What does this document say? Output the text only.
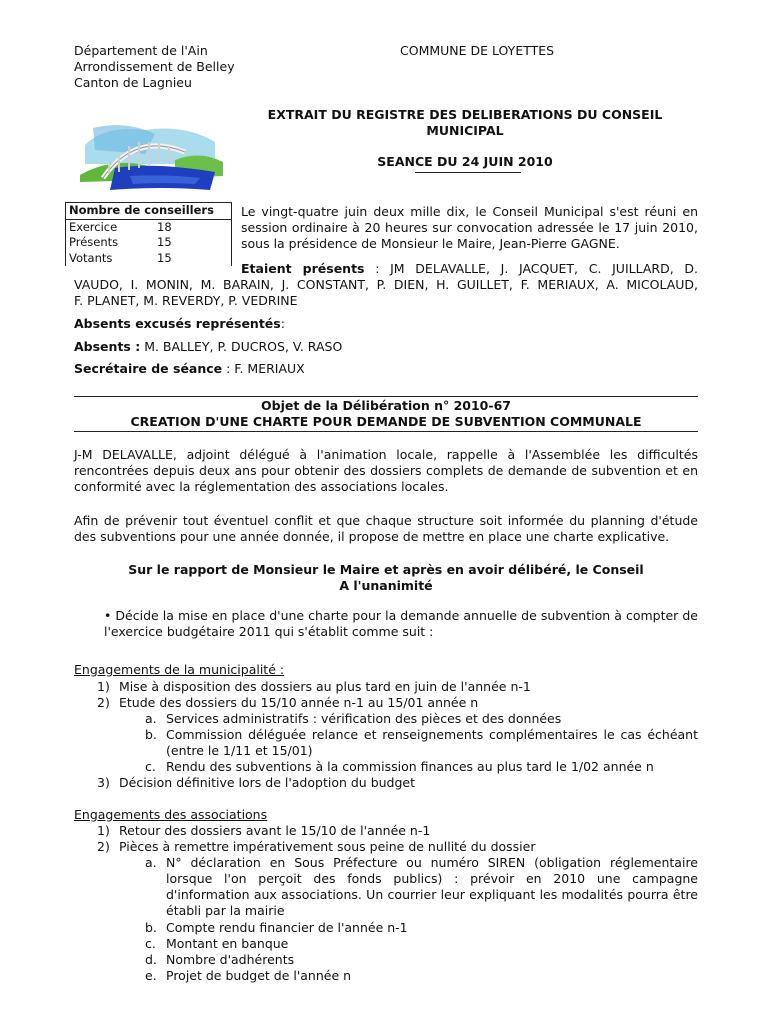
Département de l'Ain
Arrondissement de Belley
Canton de Lagnieu
COMMUNE DE LOYETTES
EXTRAIT DU REGISTRE DES DELIBERATIONS DU CONSEIL
MUNICIPAL
SEANCE DU 24 JUIN 2010
Nombre de conseillers
Exercice	18
Présents	15
Votants	15
Le vingt-quatre juin deux mille dix, le Conseil Municipal s'est réuni en session ordinaire à 20 heures sur convocation adressée le 17 juin 2010, sous la présidence de Monsieur le Maire, Jean-Pierre GAGNE.
Etaient présents : JM DELAVALLE, J. JACQUET, C. JUILLARD, D.
VAUDO, I. MONIN, M. BARAIN, J. CONSTANT, P. DIEN, H. GUILLET, F. MERIAUX, A. MICOLAUD,
F. PLANET, M. REVERDY, P. VEDRINE
Absents excusés représentés:
Absents : M. BALLEY, P. DUCROS, V. RASO
Secrétaire de séance : F. MERIAUX
Objet de la Délibération n° 2010-67
CREATION D'UNE CHARTE POUR DEMANDE DE SUBVENTION COMMUNALE
J-M DELAVALLE, adjoint délégué à l'animation locale, rappelle à l'Assemblée les difficultés rencontrées depuis deux ans pour obtenir des dossiers complets de demande de subvention et en conformité avec la réglementation des associations locales.
Afin de prévenir tout éventuel conflit et que chaque structure soit informée du planning d'étude des subventions pour une année donnée, il propose de mettre en place une charte explicative.
Sur le rapport de Monsieur le Maire et après en avoir délibéré, le Conseil
A l'unanimité
• Décide la mise en place d'une charte pour la demande annuelle de subvention à compter de l'exercice budgétaire 2011 qui s'établit comme suit :
Engagements de la municipalité :
1) Mise à disposition des dossiers au plus tard en juin de l'année n-1
2) Etude des dossiers du 15/10 année n-1 au 15/01 année n
a. Services administratifs : vérification des pièces et des données
b. Commission déléguée relance et renseignements complémentaires le cas échéant (entre le 1/11 et 15/01)
c. Rendu des subventions à la commission finances au plus tard le 1/02 année n
3) Décision définitive lors de l'adoption du budget
Engagements des associations
1) Retour des dossiers avant le 15/10 de l'année n-1
2) Pièces à remettre impérativement sous peine de nullité du dossier
a. N° déclaration en Sous Préfecture ou numéro SIREN (obligation réglementaire lorsque l'on perçoit des fonds publics) : prévoir en 2010 une campagne d'information aux associations. Un courrier leur expliquant les modalités pourra être établi par la mairie
b. Compte rendu financier de l'année n-1
c. Montant en banque
d. Nombre d'adhérents
e. Projet de budget de l'année n
